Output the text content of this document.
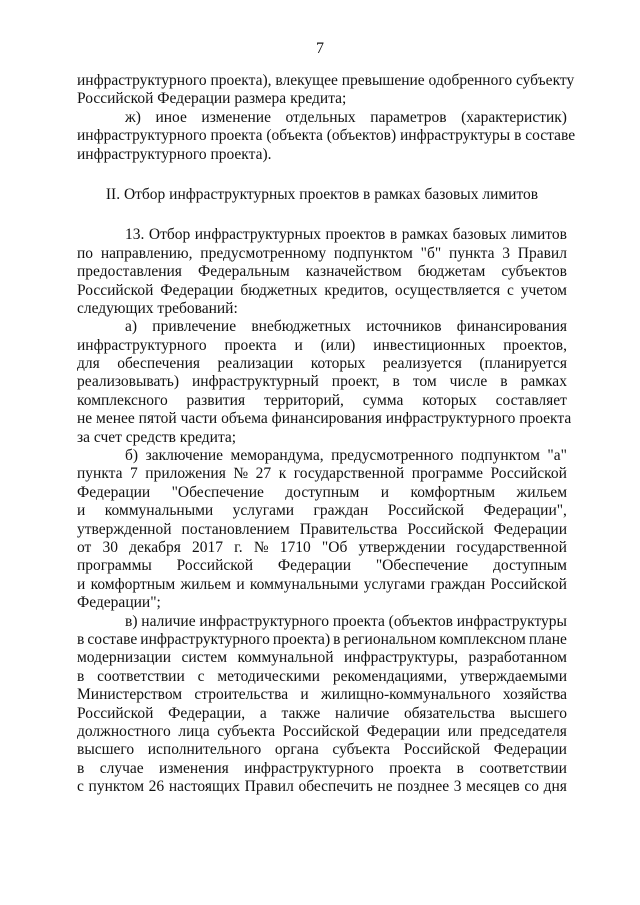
7
инфраструктурного проекта), влекущее превышение одобренного субъекту
Российской Федерации размера кредита;
ж) иное изменение отдельных параметров (характеристик)
инфраструктурного проекта (объекта (объектов) инфраструктуры в составе
инфраструктурного проекта).
II. Отбор инфраструктурных проектов в рамках базовых лимитов
13. Отбор инфраструктурных проектов в рамках базовых лимитов
по направлению, предусмотренному подпунктом "б" пункта 3 Правил
предоставления Федеральным казначейством бюджетам субъектов
Российской Федерации бюджетных кредитов, осуществляется с учетом
следующих требований:
а) привлечение внебюджетных источников финансирования
инфраструктурного проекта и (или) инвестиционных проектов,
для обеспечения реализации которых реализуется (планируется
реализовывать) инфраструктурный проект, в том числе в рамках
комплексного развития территорий, сумма которых составляет
не менее пятой части объема финансирования инфраструктурного проекта
за счет средств кредита;
б) заключение меморандума, предусмотренного подпунктом "а"
пункта 7 приложения № 27 к государственной программе Российской
Федерации "Обеспечение доступным и комфортным жильем
и коммунальными услугами граждан Российской Федерации",
утвержденной постановлением Правительства Российской Федерации
от 30 декабря 2017 г. № 1710 "Об утверждении государственной
программы Российской Федерации "Обеспечение доступным
и комфортным жильем и коммунальными услугами граждан Российской
Федерации";
в) наличие инфраструктурного проекта (объектов инфраструктуры
в составе инфраструктурного проекта) в региональном комплексном плане
модернизации систем коммунальной инфраструктуры, разработанном
в соответствии с методическими рекомендациями, утверждаемыми
Министерством строительства и жилищно-коммунального хозяйства
Российской Федерации, а также наличие обязательства высшего
должностного лица субъекта Российской Федерации или председателя
высшего исполнительного органа субъекта Российской Федерации
в случае изменения инфраструктурного проекта в соответствии
с пунктом 26 настоящих Правил обеспечить не позднее 3 месяцев со дня
